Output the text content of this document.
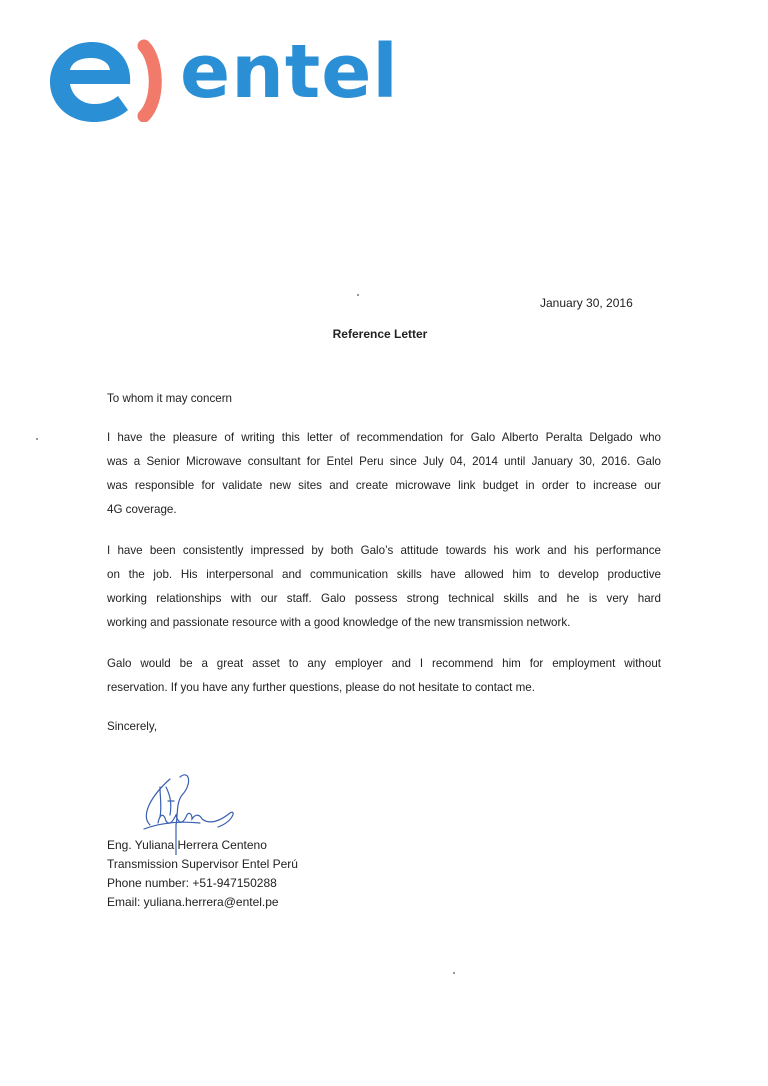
entel
January 30, 2016
Reference Letter
To whom it may concern
I have the pleasure of writing this letter of recommendation for Galo Alberto Peralta Delgado who
was a Senior Microwave consultant for Entel Peru since July 04, 2014 until January 30, 2016. Galo
was responsible for validate new sites and create microwave link budget in order to increase our
4G coverage.
I have been consistently impressed by both Galo’s attitude towards his work and his performance
on the job. His interpersonal and communication skills have allowed him to develop productive
working relationships with our staff. Galo possess strong technical skills and he is very hard
working and passionate resource with a good knowledge of the new transmission network.
Galo would be a great asset to any employer and I recommend him for employment without
reservation. If you have any further questions, please do not hesitate to contact me.
Sincerely,
Eng. Yuliana Herrera Centeno
Transmission Supervisor Entel Perú
Phone number: +51-947150288
Email: yuliana.herrera@entel.pe
